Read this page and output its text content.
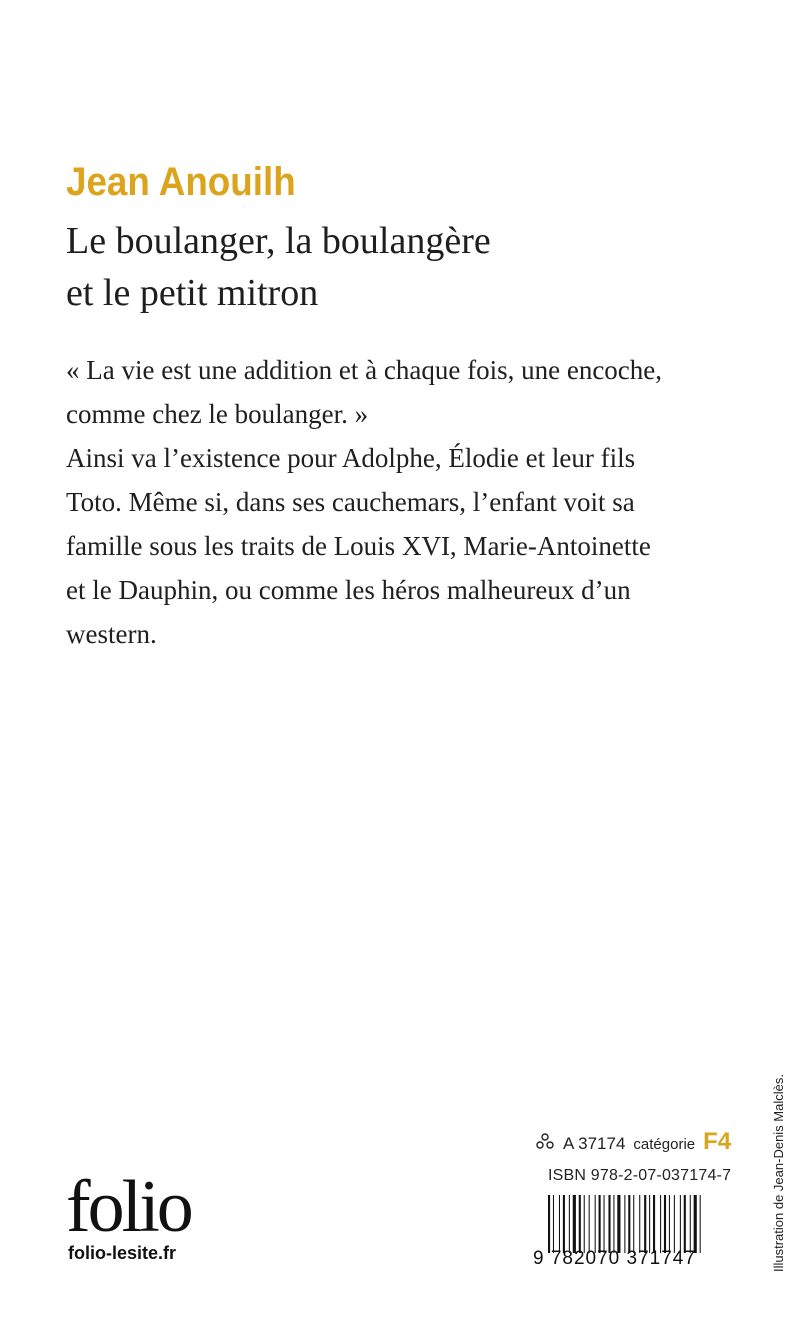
Jean Anouilh
Le boulanger, la boulangère
et le petit mitron
« La vie est une addition et à chaque fois, une encoche,
comme chez le boulanger. »
Ainsi va l’existence pour Adolphe, Élodie et leur fils
Toto. Même si, dans ses cauchemars, l’enfant voit sa
famille sous les traits de Louis XVI, Marie-Antoinette
et le Dauphin, ou comme les héros malheureux d’un
western.
A 37174 catégorie F4
ISBN 978-2-07-037174-7
9 782070 371747
folio
folio-lesite.fr	Illustration de Jean-Denis Malclès.
